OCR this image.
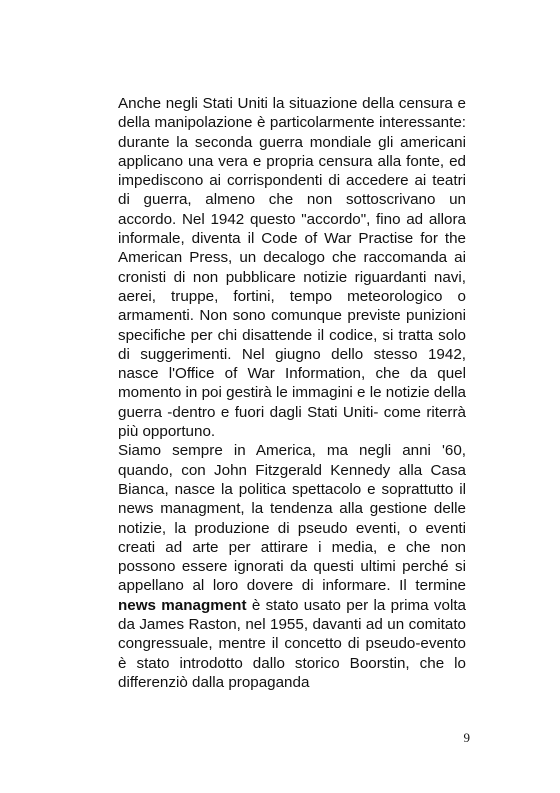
Anche negli Stati Uniti la situazione della censura e della manipolazione è particolarmente interessante: durante la seconda guerra mondiale gli americani applicano una vera e propria censura alla fonte, ed impediscono ai corrispondenti di accedere ai teatri di guerra, almeno che non sottoscrivano un accordo. Nel 1942 questo "accordo", fino ad allora informale, diventa il Code of War Practise for the American Press, un decalogo che raccomanda ai cronisti di non pubblicare notizie riguardanti navi, aerei, truppe, fortini, tempo meteorologico o armamenti. Non sono comunque previste punizioni specifiche per chi disattende il codice, si tratta solo di suggerimenti. Nel giugno dello stesso 1942, nasce l'Office of War Information, che da quel momento in poi gestirà le immagini e le notizie della guerra -dentro e fuori dagli Stati Uniti- come riterrà più opportuno.

Siamo sempre in America, ma negli anni '60, quando, con John Fitzgerald Kennedy alla Casa Bianca, nasce la politica spettacolo e soprattutto il news managment, la tendenza alla gestione delle notizie, la produzione di pseudo eventi, o eventi creati ad arte per attirare i media, e che non possono essere ignorati da questi ultimi perché si appellano al loro dovere di informare. Il termine news managment è stato usato per la prima volta da James Raston, nel 1955, davanti ad un comitato congressuale, mentre il concetto di pseudo-evento è stato introdotto dallo storico Boorstin, che lo differenziò dalla propaganda

9
